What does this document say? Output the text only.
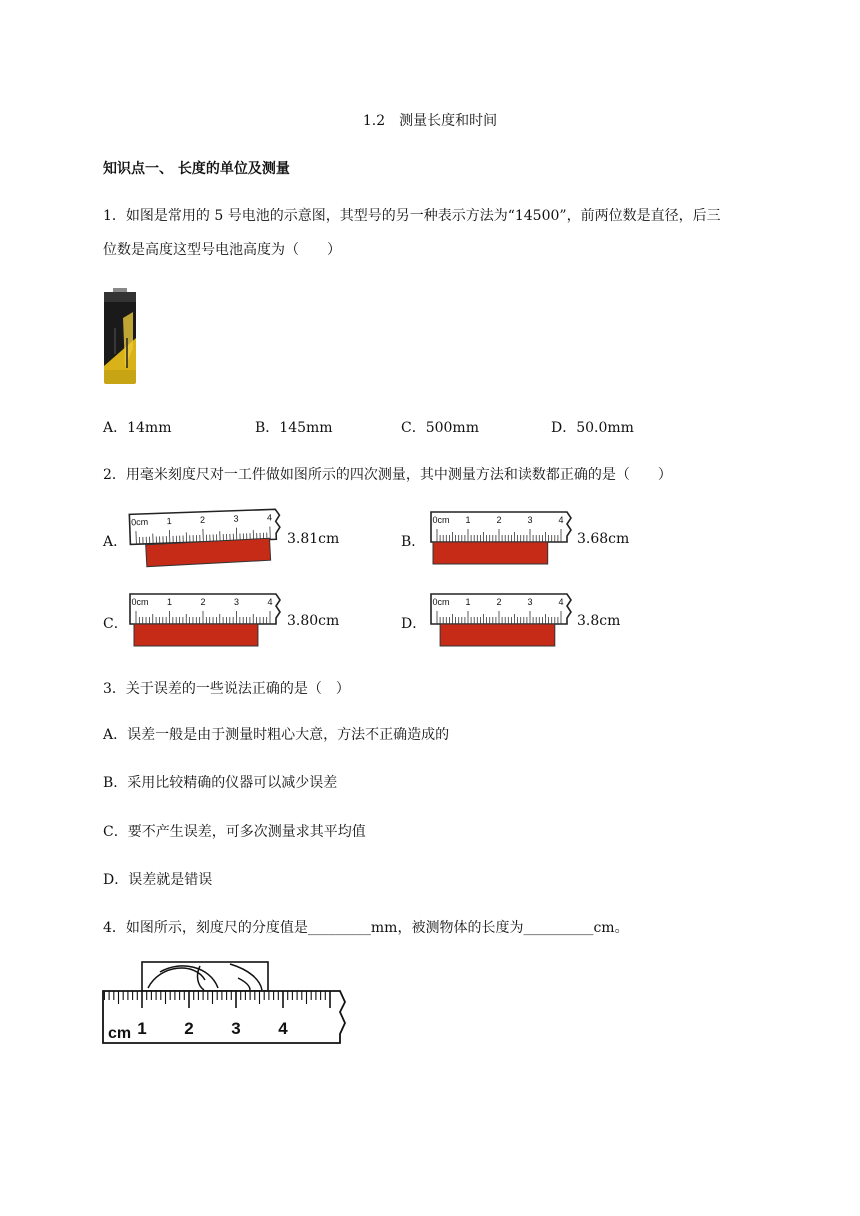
1.2　测量长度和时间
知识点一、 长度的单位及测量
1．如图是常用的 5 号电池的示意图，其型号的另一种表示方法为“14500”，前两位数是直径，后三
位数是高度这型号电池高度为（　　）
A．14mm	B．145mm	C．500mm	D．50.0mm
2．用毫米刻度尺对一工件做如图所示的四次测量，其中测量方法和读数都正确的是（　　）
A．	3.81cm	B．	3.68cm
C．	3.80cm	D．	3.8cm
0cm 1	2	3	4	0cm 1	2	3	4
0cm 1	2	3	4	0cm 1	2	3	4
3．关于误差的一些说法正确的是（　）
A．误差一般是由于测量时粗心大意，方法不正确造成的
B．采用比较精确的仪器可以减少误差
C．要不产生误差，可多次测量求其平均值
D．误差就是错误
4．如图所示，刻度尺的分度值是_________mm，被测物体的长度为__________cm。
cm 1 2 3 4
